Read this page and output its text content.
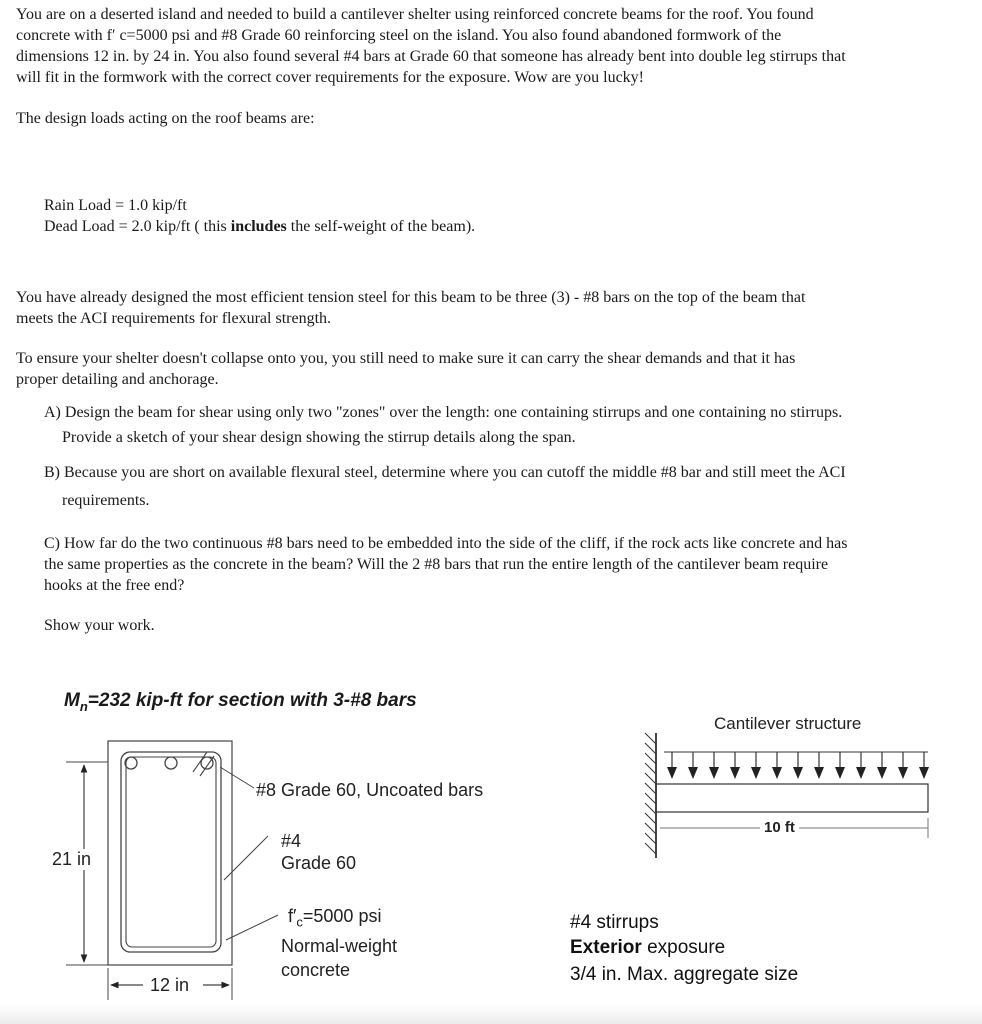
You are on a deserted island and needed to build a cantilever shelter using reinforced concrete beams for the roof. You found
concrete with f′ c=5000 psi and #8 Grade 60 reinforcing steel on the island. You also found abandoned formwork of the
dimensions 12 in. by 24 in. You also found several #4 bars at Grade 60 that someone has already bent into double leg stirrups that
will fit in the formwork with the correct cover requirements for the exposure. Wow are you lucky!
The design loads acting on the roof beams are:
Rain Load = 1.0 kip/ft
Dead Load = 2.0 kip/ft ( this includes the self-weight of the beam).
You have already designed the most efficient tension steel for this beam to be three (3) - #8 bars on the top of the beam that
meets the ACI requirements for flexural strength.
To ensure your shelter doesn't collapse onto you, you still need to make sure it can carry the shear demands and that it has
proper detailing and anchorage.
A) Design the beam for shear using only two "zones" over the length: one containing stirrups and one containing no stirrups.
Provide a sketch of your shear design showing the stirrup details along the span.
B) Because you are short on available flexural steel, determine where you can cutoff the middle #8 bar and still meet the ACI
requirements.
C) How far do the two continuous #8 bars need to be embedded into the side of the cliff, if the rock acts like concrete and has
the same properties as the concrete in the beam? Will the 2 #8 bars that run the entire length of the cantilever beam require
hooks at the free end?
Show your work.
$M_n=232$ kip-ft for section with 3-#8 bars
#8 Grade 60, Uncoated bars
#4
Grade 60
$f'_c=5000$ psi
Normal-weight
concrete
21 in
12 in
Cantilever structure
10 ft
#4 stirrups
Exterior exposure
3/4 in. Max. aggregate size
